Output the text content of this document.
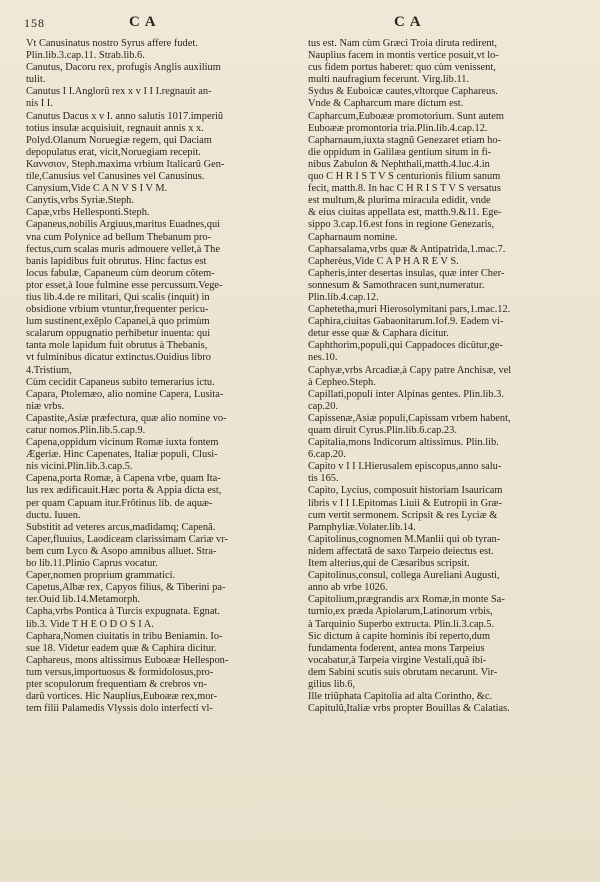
158	C A	C A
Vt Canusinatus nostro Syrus affere fudet.
Plin.lib.3.cap.11. Strab.lib.6.
Canutus, Dacoru rex, profugis Anglis auxilium
tulit.
Canutus I I.Anglorũ rex x v I I I.regnauit an-
nis I I.
Canutus Dacus x v I. anno salutis 1017.imperiũ
totius insulæ acquisiuit, regnauit annis x x.
Polyd.Olanum Noruegiæ regem, qui Daciam
depopulatus erat, vicit,Noruegiam recepit.
Καννσιον, Steph.maxima vrbium Italicarũ Gen-
tile,Canusius vel Canusines vel Canusinus.
Canysium,Vide C A N V S I V M.
Canytis,vrbs Syriæ.Steph.
Capæ,vrbs Hellesponti.Steph.
Capaneus,nobilis Argiuus,maritus Euadnes,qui
vna cum Polynice ad bellum Thebanum pro-
fectus,cum scalas muris admouere vellet,à The
banis lapidibus fuit obrutus. Hinc factus est
locus fabulæ, Capaneum cùm deorum cõtem-
ptor esset,à Ioue fulmine esse percussum.Vege-
tius lib.4.de re militari, Qui scalis (inquit) in
obsidione vrbium vtuntur,frequenter pericu-
lum sustinent,exẽplo Capanei,à quo primùm
scalarum oppugnatio perhibetur inuenta: qui
tanta mole lapidum fuit obrutus à Thebanis,
vt fulminibus dicatur extinctus.Ouidius libro
4.Tristium,
Cùm cecidit Capaneus subito temerarius ictu.
Capara, Ptolemæo, alio nomine Capera, Lusita-
niæ vrbs.
Capastite,Asiæ præfectura, quæ alio nomine vo-
catur nomos.Plin.lib.5.cap.9.
Capena,oppidum vicinum Romæ iuxta fontem
Ægeriæ. Hinc Capenates, Italiæ populi, Clusi-
nis vicini.Plin.lib.3.cap.5.
Capena,porta Romæ, à Capena vrbe, quam Ita-
lus rex ædificauit.Hæc porta & Appia dicta est,
per quam Capuam itur.Frõtinus lib. de aquæ-
ductu. Iuuen.
Substitit ad veteres arcus,madidamq; Capenã.
Caper,fluuius, Laodiceam clarissimam Cariæ vr-
bem cum Lyco & Asopo amnibus alluet. Stra-
bo lib.11.Plinio Caprus vocatur.
Caper,nomen proprium grammatici.
Capetus,Albæ rex, Capyos filius, & Tiberini pa-
ter.Ouid lib.14.Metamorph.
Capha,vrbs Pontica à Turcis expugnata. Egnat.
lib.3. Vide T H E O D O S I A.
Caphara,Nomen ciuitatis in tribu Beniamin. Io-
sue 18. Videtur eadem quæ & Caphira dicitur.
Caphareus, mons altissimus Euboææ Hellespon-
tum versus,importuosus & formidolosus,pro-
pter scopulorum frequentiam & crebros vn-
darũ vortices. Hic Nauplius,Euboææ rex,mor-
tem filii Palamedis Vlyssis dolo interfecti vl-
tus est. Nam cùm Græci Troia diruta redirent,
Nauplius facem in montis vertice posuit,vt lo-
cus fidem portus haberet: quo cùm venissent,
multi naufragium fecerunt. Virg.lib.11.
Sydus & Euboicæ cautes,vltorque Caphareus.
Vnde & Capharcum mare dictum est.
Capharcum,Euboææ promotorium. Sunt autem
Euboææ promontoria tria.Plin.lib.4.cap.12.
Capharnaum,iuxta stagnũ Genezaret etiam ho-
die oppidum in Galilæa gentium situm in fi-
nibus Zabulon & Nephthali,matth.4.luc.4.in
quo C H R I S T V S centurionis filium sanum
fecit, matth.8. In hac C H R I S T V S versatus
est multum,& plurima miracula edidit, vnde
& eius ciuitas appellata est, matth.9.&11. Ege-
sippo 3.cap.16.est fons in regione Genezaris,
Capharnaum nomine.
Capharsalama,vrbs quæ & Antipatrida,1.mac.7.
Capherèus,Vide C A P H A R E V S.
Capheris,inter desertas insulas, quæ inter Cher-
sonnesum & Samothracen sunt,numeratur.
Plin.lib.4.cap.12.
Caphetetha,muri Hierosolymitani pars,1.mac.12.
Caphira,ciuitas Gabaonitarum.Iof.9. Eadem vi-
detur esse quæ & Caphara dicitur.
Caphthorim,populi,qui Cappadoces dicütur,ge-
nes.10.
Caphyæ,vrbs Arcadiæ,à Capy patre Anchisæ, vel
à Cepheo.Steph.
Capillati,populi inter Alpinas gentes. Plin.lib.3.
cap.20.
Capissenæ,Asiæ populi,Capissam vrbem habent,
quam diruit Cyrus.Plin.lib.6.cap.23.
Capitalia,mons Indicorum altissimus. Plin.lib.
6.cap.20.
Capito v I I I.Hierusalem episcopus,anno salu-
tis 165.
Capito, Lycius, composuit historiam Isauricam
libris v I I I.Epitomas Liuii & Eutropii in Græ-
cum vertit sermonem. Scripsit & res Lyciæ &
Pamphyliæ.Volater.lib.14.
Capitolinus,cognomen M.Manlii qui ob tyran-
nidem affectatã de saxo Tarpeio deiectus est.
Item alterius,qui de Cæsaribus scripsit.
Capitolinus,consul, collega Aureliani Augusti,
anno ab vrbe 1026.
Capitolium,prægrandis arx Romæ,in monte Sa-
turnio,ex præda Apiolarum,Latinorum vrbis,
à Tarquinio Superbo extructa. Plin.li.3.cap.5.
Sic dictum à capite hominis ibi reperto,dum
fundamenta foderent, antea mons Tarpeius
vocabatur,à Tarpeia virgine Vestali,quã ibi-
dem Sabini scutis suis obrutam necarunt. Vir-
gilius lib.6,
Ille triũphata Capitolia ad alta Corintho, &c.
Capitulũ,Italiæ vrbs propter Bouillas & Calatias.
